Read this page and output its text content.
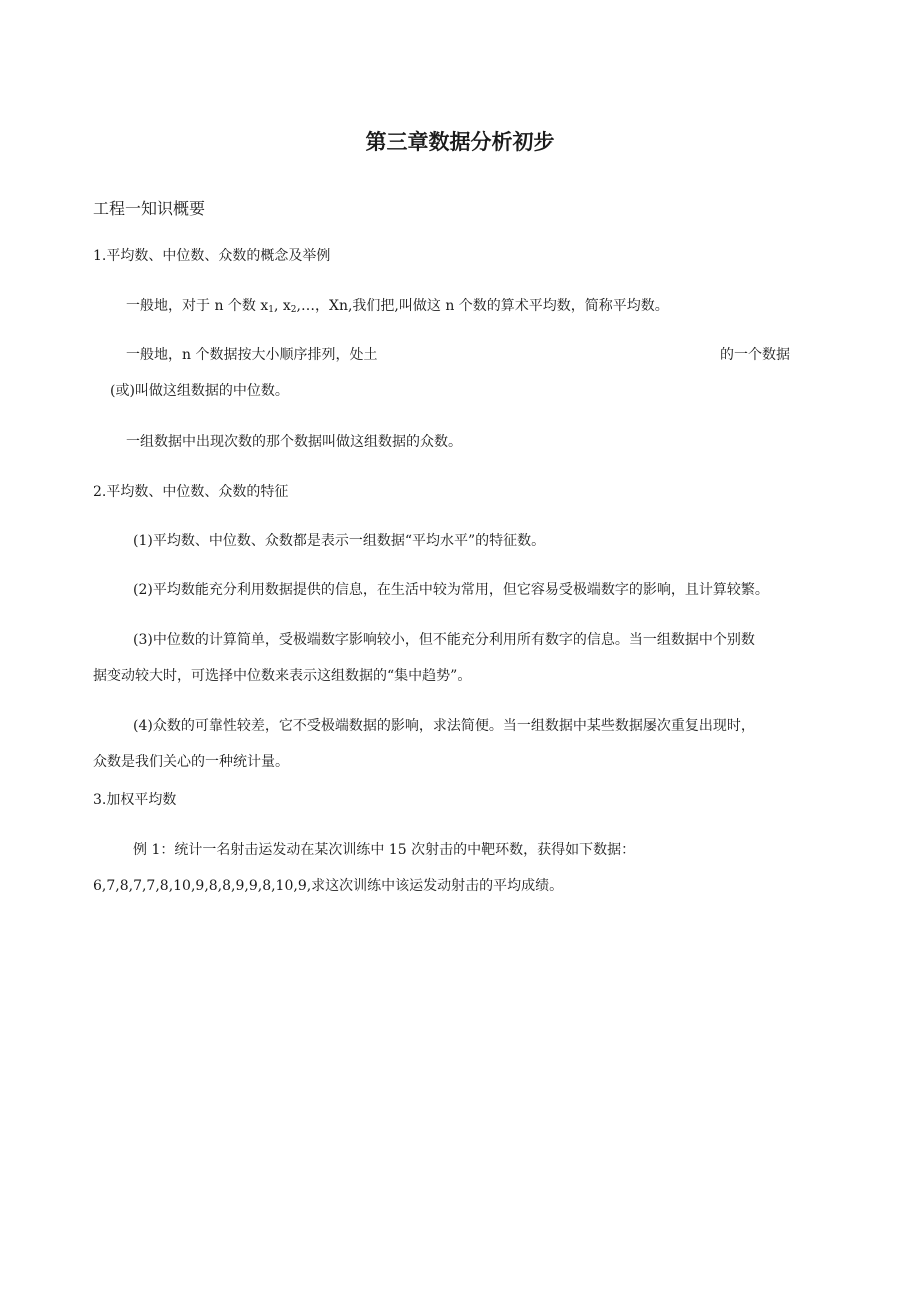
第三章数据分析初步
工程一知识概要
1.平均数、中位数、众数的概念及举例
一般地，对于 n 个数 $x_1$, $x_2,\dots$，Xn,我们把,叫做这 n 个数的算术平均数，简称平均数。
一般地，n 个数据按大小顺序排列，处土	的一个数据
(或)叫做这组数据的中位数。
一组数据中出现次数的那个数据叫做这组数据的众数。
2.平均数、中位数、众数的特征
(1)平均数、中位数、众数都是表示一组数据“平均水平”的特征数。
(2)平均数能充分利用数据提供的信息，在生活中较为常用，但它容易受极端数字的影响，且计算较繁。
(3)中位数的计算简单，受极端数字影响较小，但不能充分利用所有数字的信息。当一组数据中个别数
据变动较大时，可选择中位数来表示这组数据的“集中趋势”。
(4)众数的可靠性较差，它不受极端数据的影响，求法简便。当一组数据中某些数据屡次重复出现时，
众数是我们关心的一种统计量。
3.加权平均数
例 1：统计一名射击运发动在某次训练中 15 次射击的中靶环数，获得如下数据：
6,7,8,7,7,8,10,9,8,8,9,9,8,10,9,求这次训练中该运发动射击的平均成绩。
